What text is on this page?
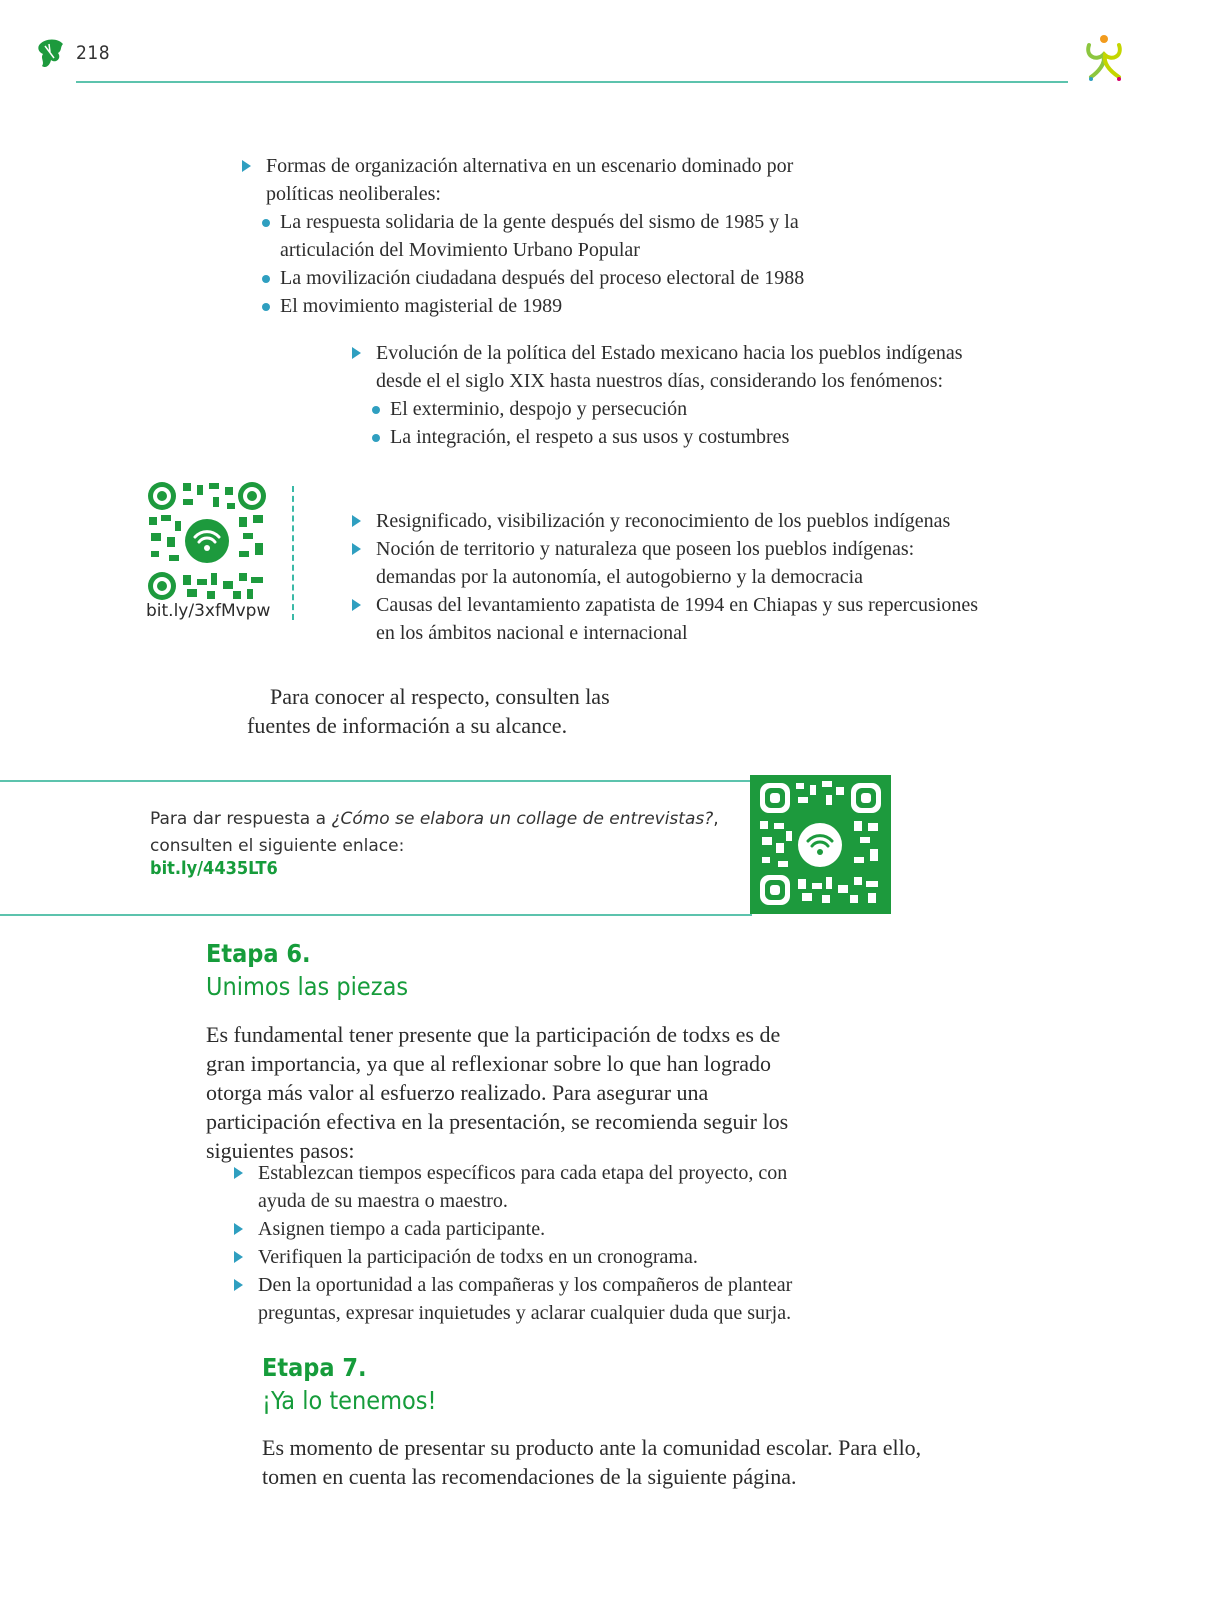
218
Formas de organización alternativa en un escenario dominado por políticas neoliberales:
La respuesta solidaria de la gente después del sismo de 1985 y la articulación del Movimiento Urbano Popular
La movilización ciudadana después del proceso electoral de 1988
El movimiento magisterial de 1989
Evolución de la política del Estado mexicano hacia los pueblos indígenas desde el el siglo XIX hasta nuestros días, considerando los fenómenos:
El exterminio, despojo y persecución
La integración, el respeto a sus usos y costumbres
bit.ly/3xfMvpw
Resignificado, visibilización y reconocimiento de los pueblos indígenas
Noción de territorio y naturaleza que poseen los pueblos indígenas: demandas por la autonomía, el autogobierno y la democracia
Causas del levantamiento zapatista de 1994 en Chiapas y sus repercusiones en los ámbitos nacional e internacional
Para conocer al respecto, consulten las
fuentes de información a su alcance.
Para dar respuesta a ¿Cómo se elabora un collage de entrevistas?,
consulten el siguiente enlace:
bit.ly/4435LT6
Etapa 6.
Unimos las piezas
Es fundamental tener presente que la participación de todxs es de gran importancia, ya que al reflexionar sobre lo que han logrado otorga más valor al esfuerzo realizado. Para asegurar una participación efectiva en la presentación, se recomienda seguir los siguientes pasos:
Establezcan tiempos específicos para cada etapa del proyecto, con ayuda de su maestra o maestro.
Asignen tiempo a cada participante.
Verifiquen la participación de todxs en un cronograma.
Den la oportunidad a las compañeras y los compañeros de plantear preguntas, expresar inquietudes y aclarar cualquier duda que surja.
Etapa 7.
¡Ya lo tenemos!
Es momento de presentar su producto ante la comunidad escolar. Para ello, tomen en cuenta las recomendaciones de la siguiente página.
